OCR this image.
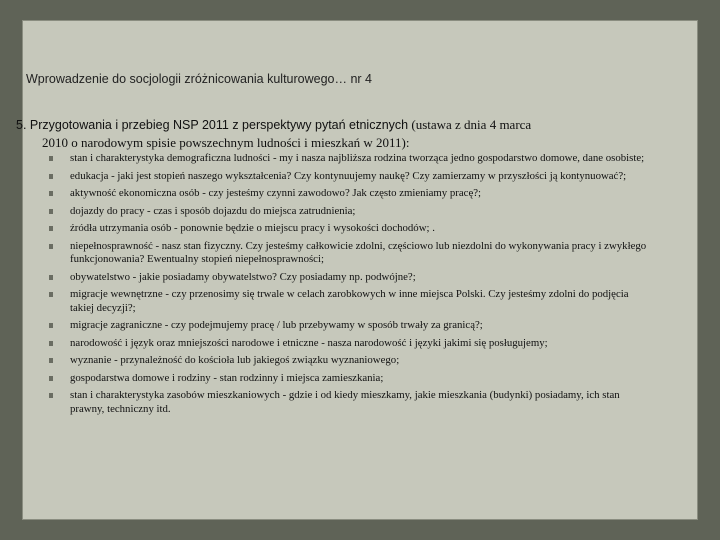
Wprowadzenie do socjologii zróżnicowania kulturowego… nr 4
5. Przygotowania i przebieg NSP 2011 z perspektywy pytań etnicznych (ustawa z dnia 4 marca
2010 o narodowym spisie powszechnym ludności i mieszkań w 2011):
stan i charakterystyka demograficzna ludności - my i nasza najbliższa rodzina tworząca jedno gospodarstwo domowe, dane osobiste;
edukacja - jaki jest stopień naszego wykształcenia? Czy kontynuujemy naukę? Czy zamierzamy w przyszłości ją kontynuować?;
aktywność ekonomiczna osób - czy jesteśmy czynni zawodowo? Jak często zmieniamy pracę?;
dojazdy do pracy - czas i sposób dojazdu do miejsca zatrudnienia;
źródła utrzymania osób - ponownie będzie o miejscu pracy i wysokości dochodów; .
niepełnosprawność - nasz stan fizyczny. Czy jesteśmy całkowicie zdolni, częściowo lub niezdolni do wykonywania pracy i zwykłego funkcjonowania? Ewentualny stopień niepełnosprawności;
obywatelstwo - jakie posiadamy obywatelstwo? Czy posiadamy np. podwójne?;
migracje wewnętrzne - czy przenosimy się trwale w celach zarobkowych w inne miejsca Polski. Czy jesteśmy zdolni do podjęcia takiej decyzji?;
migracje zagraniczne - czy podejmujemy pracę / lub przebywamy w sposób trwały za granicą?;
narodowość i język oraz mniejszości narodowe i etniczne - nasza narodowość i języki jakimi się posługujemy;
wyznanie - przynależność do kościoła lub jakiegoś związku wyznaniowego;
gospodarstwa domowe i rodziny - stan rodzinny i miejsca zamieszkania;
stan i charakterystyka zasobów mieszkaniowych - gdzie i od kiedy mieszkamy, jakie mieszkania (budynki) posiadamy, ich stan prawny, techniczny itd.
